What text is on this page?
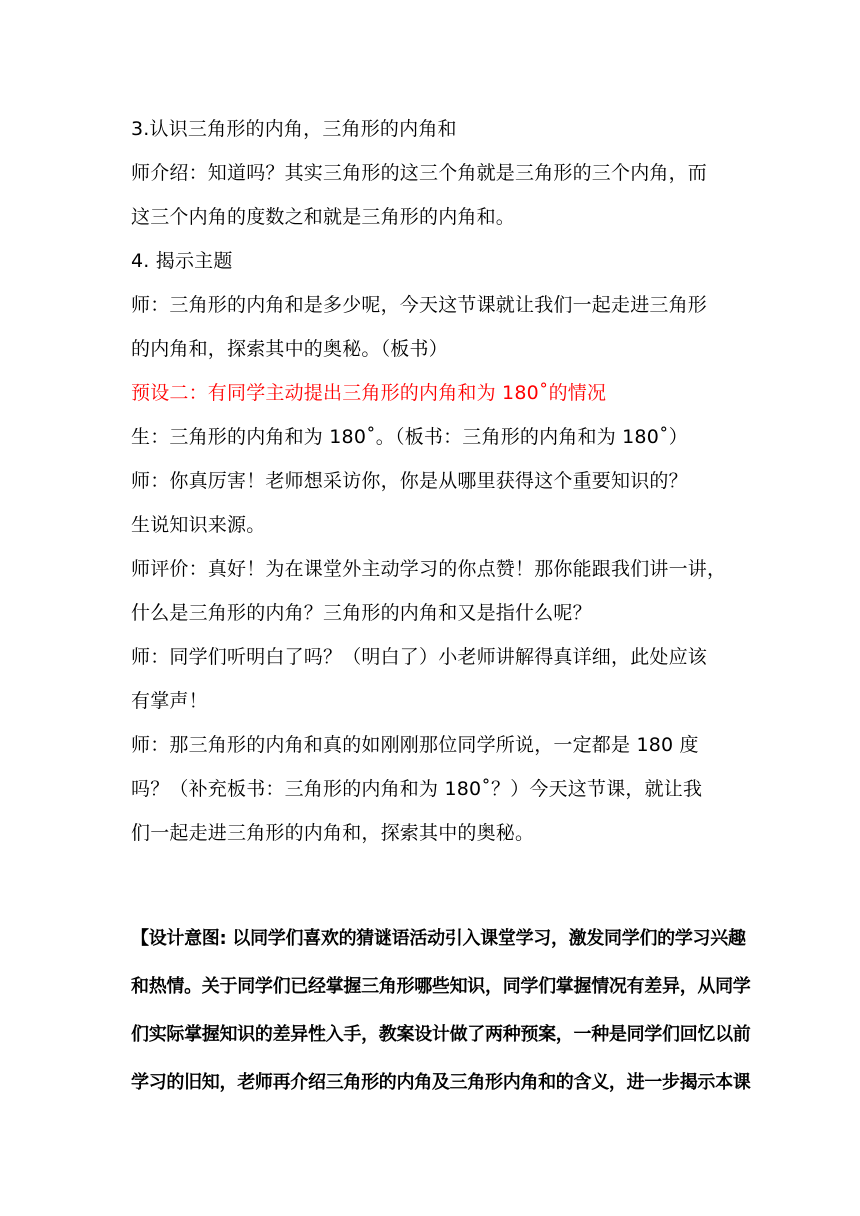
3.认识三角形的内角，三角形的内角和
师介绍：知道吗？其实三角形的这三个角就是三角形的三个内角，而
这三个内角的度数之和就是三角形的内角和。
4. 揭示主题
师：三角形的内角和是多少呢，今天这节课就让我们一起走进三角形
的内角和，探索其中的奥秘。（板书）
预设二：有同学主动提出三角形的内角和为 180˚的情况
生：三角形的内角和为 180˚。（板书：三角形的内角和为 180˚）
师：你真厉害！老师想采访你，你是从哪里获得这个重要知识的？
生说知识来源。
师评价：真好！为在课堂外主动学习的你点赞！那你能跟我们讲一讲，
什么是三角形的内角？三角形的内角和又是指什么呢？
师：同学们听明白了吗？（明白了）小老师讲解得真详细，此处应该
有掌声！
师：那三角形的内角和真的如刚刚那位同学所说，一定都是 180 度
吗？（补充板书：三角形的内角和为 180˚？）今天这节课，就让我
们一起走进三角形的内角和，探索其中的奥秘。
【设计意图: 以同学们喜欢的猜谜语活动引入课堂学习，激发同学们的学习兴趣
和热情。关于同学们已经掌握三角形哪些知识，同学们掌握情况有差异，从同学
们实际掌握知识的差异性入手，教案设计做了两种预案，一种是同学们回忆以前
学习的旧知，老师再介绍三角形的内角及三角形内角和的含义，进一步揭示本课
